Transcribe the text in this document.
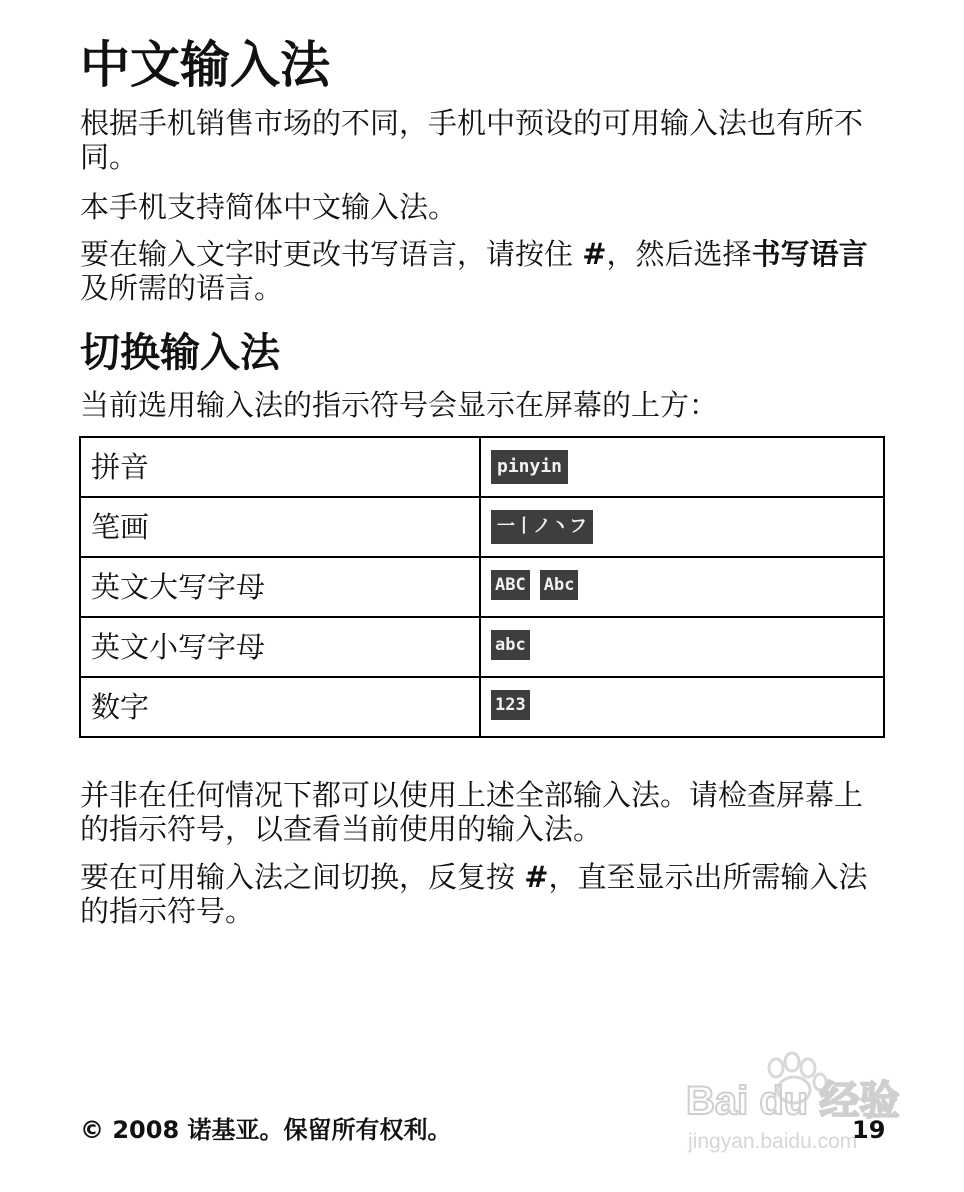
中文输入法

根据手机销售市场的不同，手机中预设的可用输入法也有所不同。

本手机支持简体中文输入法。

要在输入文字时更改书写语言，请按住 #，然后选择书写语言及所需的语言。

切换输入法

当前选用输入法的指示符号会显示在屏幕的上方：

拼音	pinyin
笔画	一丨ノ丶フ
英文大写字母	ABC Abc
英文小写字母	abc
数字	123

并非在任何情况下都可以使用上述全部输入法。请检查屏幕上的指示符号，以查看当前使用的输入法。

要在可用输入法之间切换，反复按 #，直至显示出所需输入法的指示符号。

Bai du 经验
jingyan.baidu.com
© 2008 诺基亚。保留所有权利。	19
